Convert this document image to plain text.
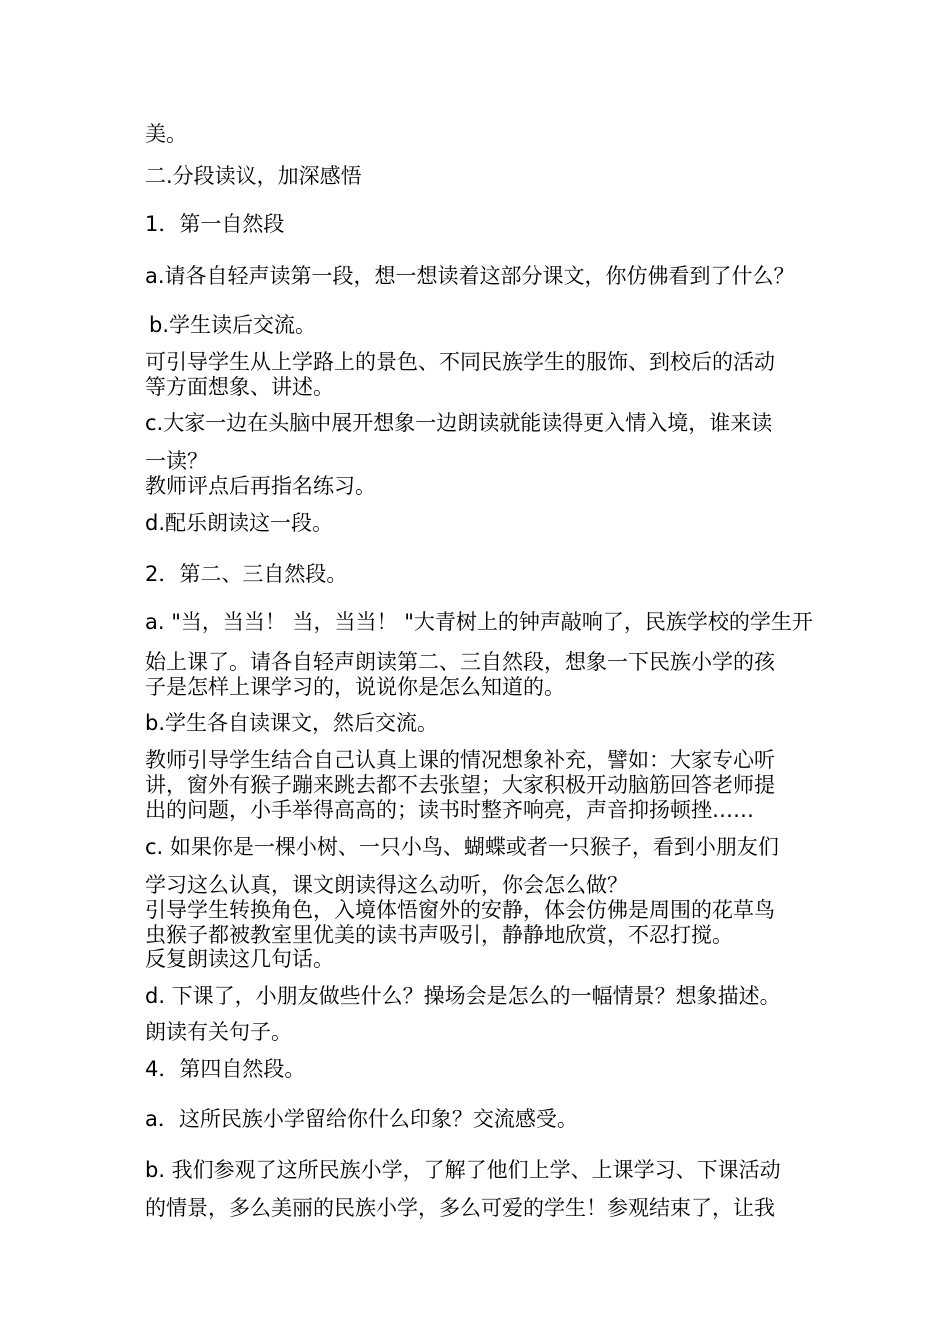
美。

二.分段读议，加深感悟

1．第一自然段

a.请各自轻声读第一段，想一想读着这部分课文，你仿佛看到了什么？

b.学生读后交流。

可引导学生从上学路上的景色、不同民族学生的服饰、到校后的活动

等方面想象、讲述。

c.大家一边在头脑中展开想象一边朗读就能读得更入情入境，谁来读

一读？

教师评点后再指名练习。

d.配乐朗读这一段。

2．第二、三自然段。

a. "当，当当！ 当，当当！ "大青树上的钟声敲响了，民族学校的学生开

始上课了。请各自轻声朗读第二、三自然段，想象一下民族小学的孩

子是怎样上课学习的，说说你是怎么知道的。

b.学生各自读课文，然后交流。

教师引导学生结合自己认真上课的情况想象补充，譬如：大家专心听

讲，窗外有猴子蹦来跳去都不去张望；大家积极开动脑筋回答老师提

出的问题，小手举得高高的；读书时整齐响亮，声音抑扬顿挫……

c. 如果你是一棵小树、一只小鸟、蝴蝶或者一只猴子，看到小朋友们

学习这么认真，课文朗读得这么动听，你会怎么做？

引导学生转换角色，入境体悟窗外的安静，体会仿佛是周围的花草鸟

虫猴子都被教室里优美的读书声吸引，静静地欣赏，不忍打搅。

反复朗读这几句话。

d. 下课了，小朋友做些什么？操场会是怎么的一幅情景？想象描述。

朗读有关句子。

4．第四自然段。

a．这所民族小学留给你什么印象？交流感受。

b. 我们参观了这所民族小学，了解了他们上学、上课学习、下课活动

的情景，多么美丽的民族小学，多么可爱的学生！参观结束了，让我
